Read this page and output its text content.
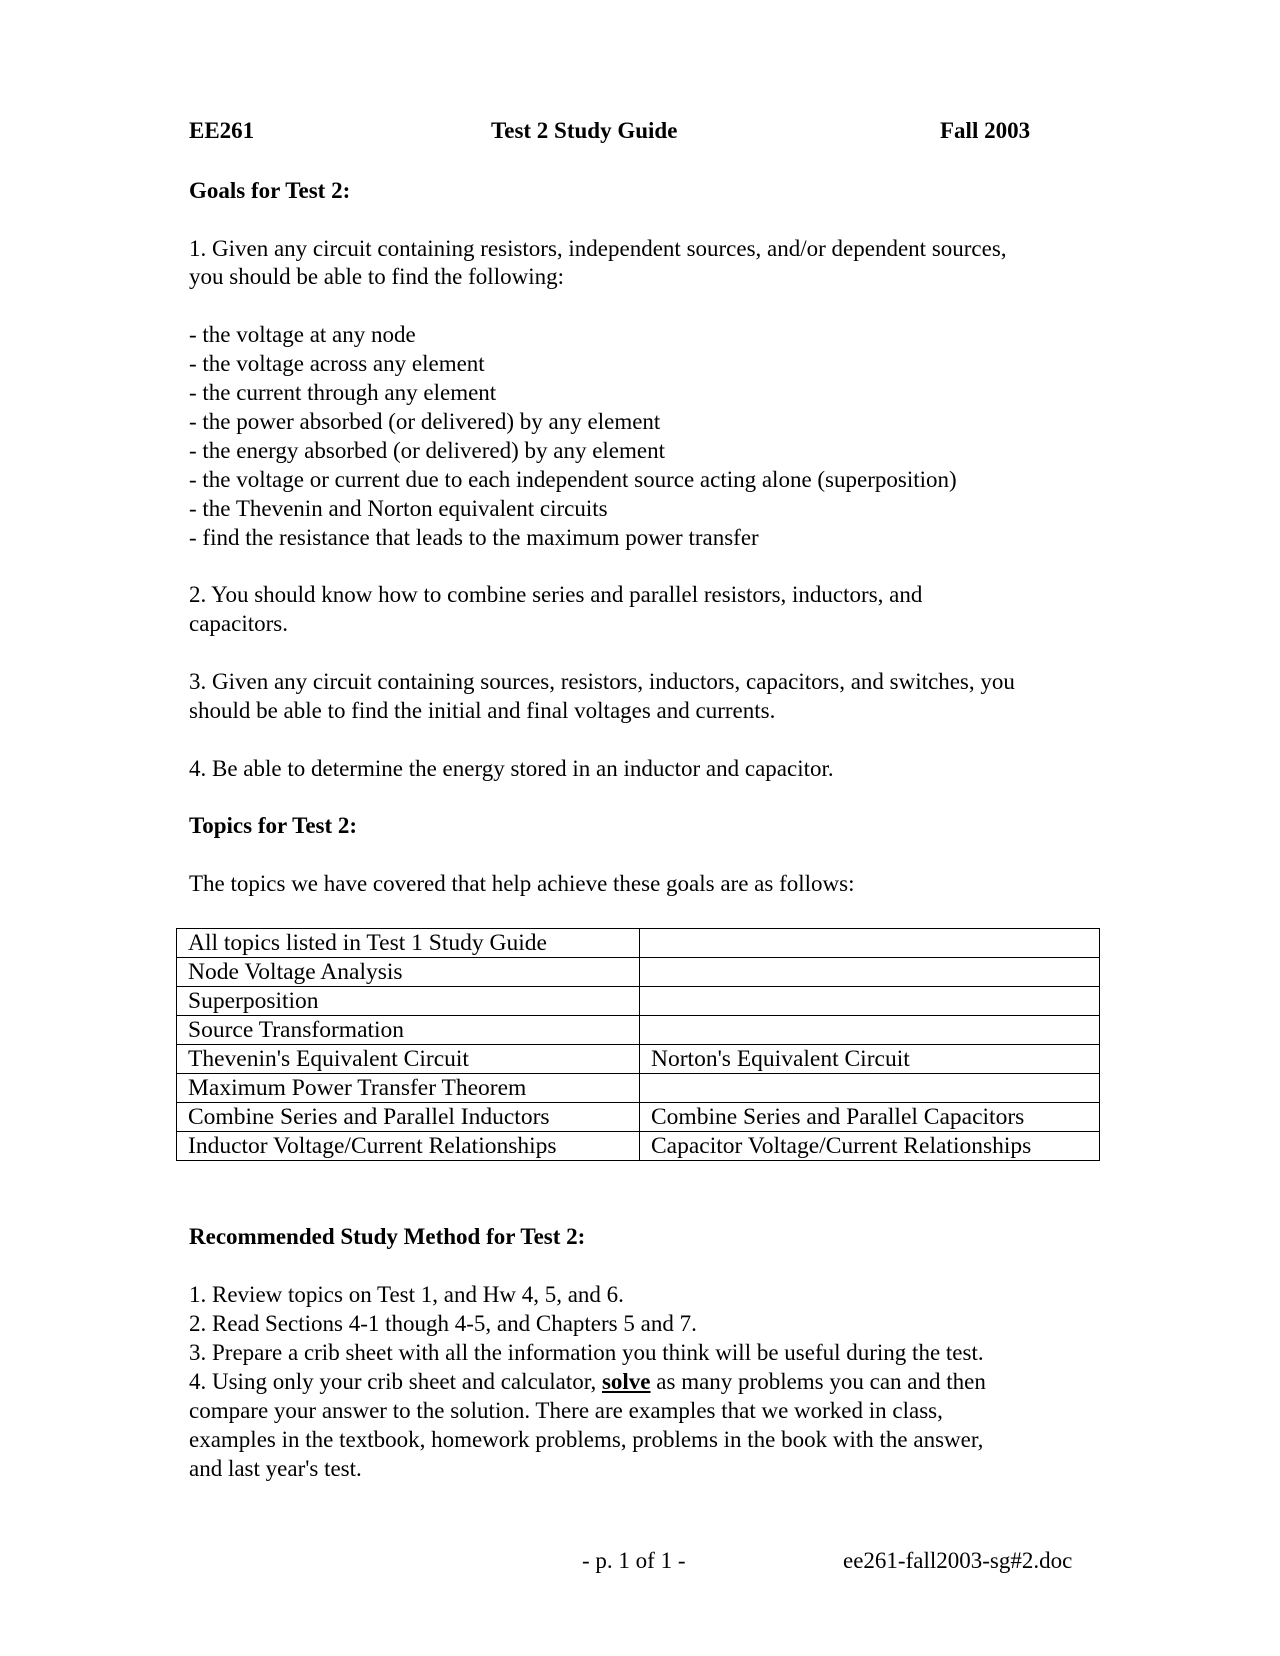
EE261	Test 2 Study Guide	Fall 2003
Goals for Test 2:
1. Given any circuit containing resistors, independent sources, and/or dependent sources,
you should be able to find the following:
- the voltage at any node
- the voltage across any element
- the current through any element
- the power absorbed (or delivered) by any element
- the energy absorbed (or delivered) by any element
- the voltage or current due to each independent source acting alone (superposition)
- the Thevenin and Norton equivalent circuits
- find the resistance that leads to the maximum power transfer
2. You should know how to combine series and parallel resistors, inductors, and
capacitors.
3. Given any circuit containing sources, resistors, inductors, capacitors, and switches, you
should be able to find the initial and final voltages and currents.
4. Be able to determine the energy stored in an inductor and capacitor.
Topics for Test 2:
The topics we have covered that help achieve these goals are as follows:
All topics listed in Test 1 Study Guide	
Node Voltage Analysis	
Superposition	
Source Transformation	
Thevenin's Equivalent Circuit	Norton's Equivalent Circuit
Maximum Power Transfer Theorem	
Combine Series and Parallel Inductors	Combine Series and Parallel Capacitors
Inductor Voltage/Current Relationships	Capacitor Voltage/Current Relationships
Recommended Study Method for Test 2:
1. Review topics on Test 1, and Hw 4, 5, and 6.
2. Read Sections 4-1 though 4-5, and Chapters 5 and 7.
3. Prepare a crib sheet with all the information you think will be useful during the test.
4. Using only your crib sheet and calculator, solve as many problems you can and then
compare your answer to the solution. There are examples that we worked in class,
examples in the textbook, homework problems, problems in the book with the answer,
and last year's test.
- p. 1 of 1 -	ee261-fall2003-sg#2.doc
